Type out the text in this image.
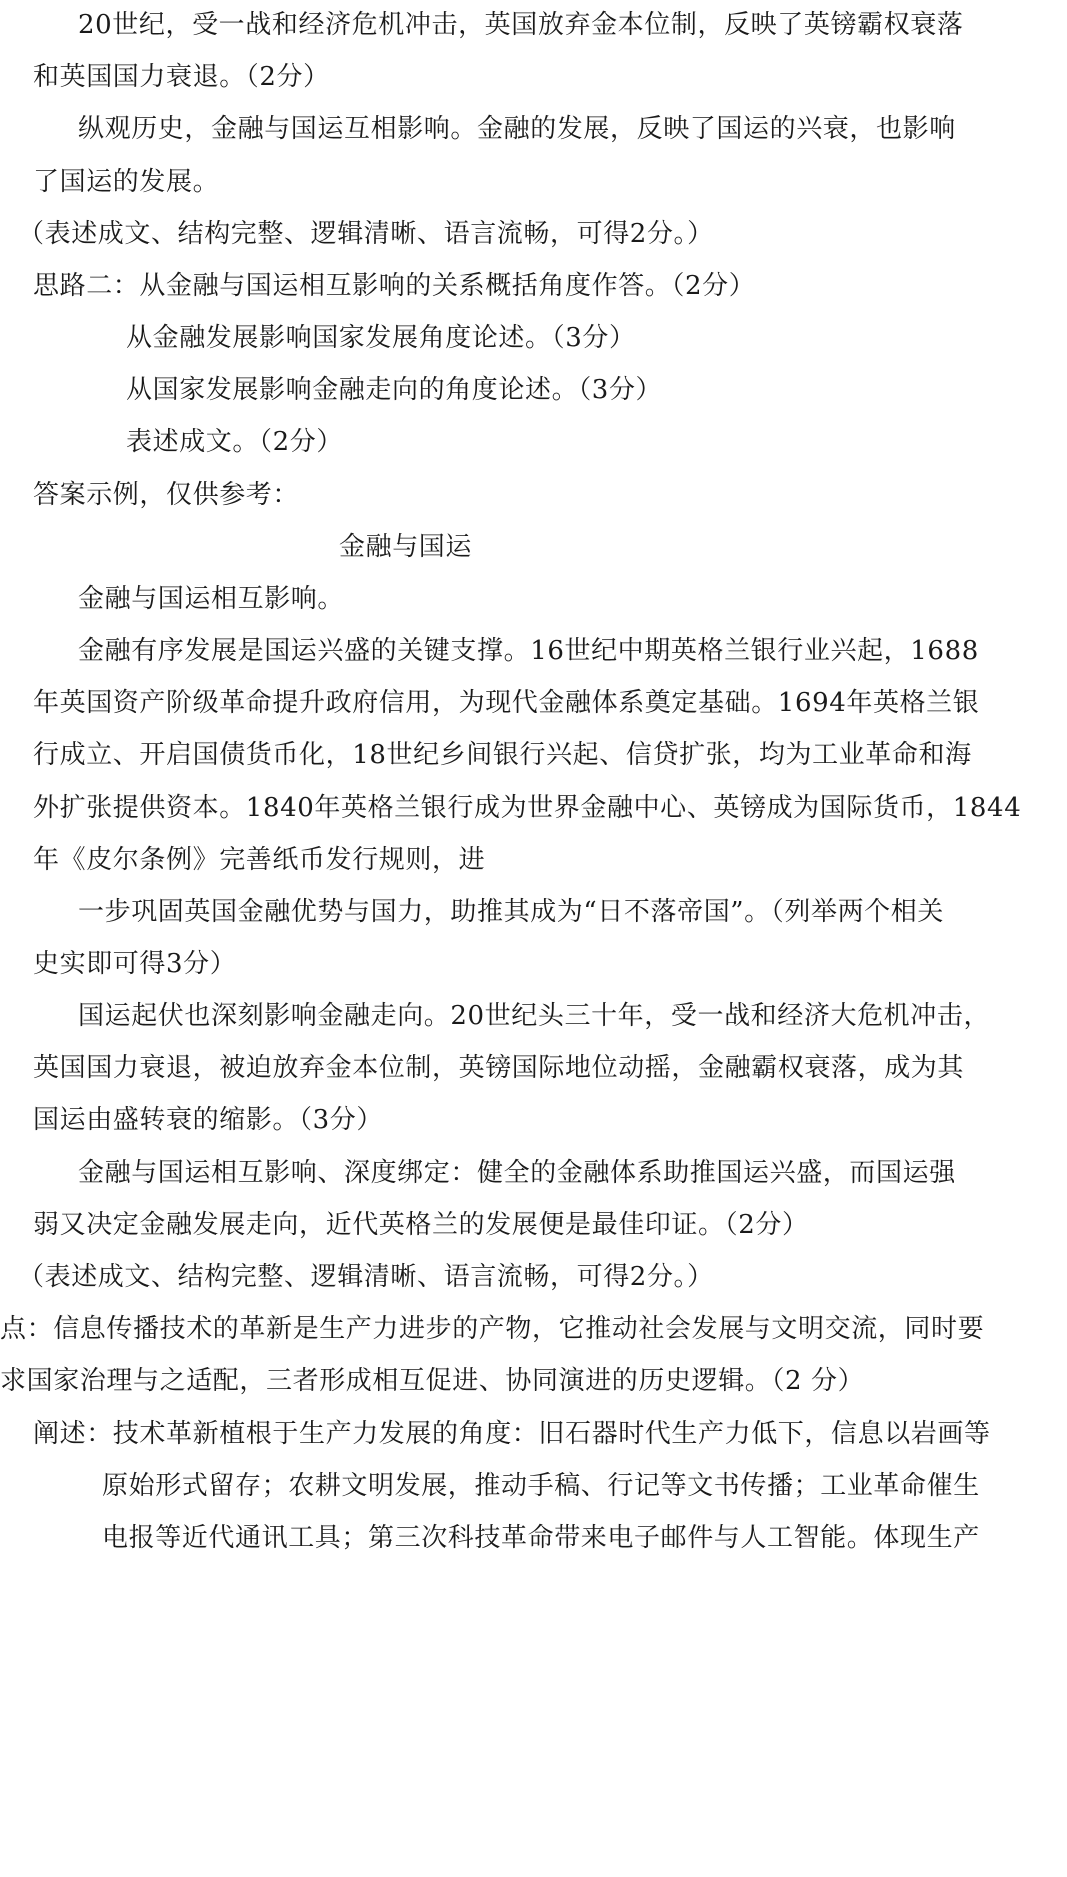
20世纪，受一战和经济危机冲击，英国放弃金本位制，反映了英镑霸权衰落
和英国国力衰退。（2分）
纵观历史，金融与国运互相影响。金融的发展，反映了国运的兴衰，也影响
了国运的发展。
（表述成文、结构完整、逻辑清晰、语言流畅，可得2分。）
思路二：从金融与国运相互影响的关系概括角度作答。（2分）
从金融发展影响国家发展角度论述。（3分）
从国家发展影响金融走向的角度论述。（3分）
表述成文。（2分）
答案示例，仅供参考：
金融与国运
金融与国运相互影响。
金融有序发展是国运兴盛的关键支撑。16世纪中期英格兰银行业兴起，1688
年英国资产阶级革命提升政府信用，为现代金融体系奠定基础。1694年英格兰银
行成立、开启国债货币化，18世纪乡间银行兴起、信贷扩张，均为工业革命和海
外扩张提供资本。1840年英格兰银行成为世界金融中心、英镑成为国际货币，1844
年《皮尔条例》完善纸币发行规则，进
一步巩固英国金融优势与国力，助推其成为“日不落帝国”。（列举两个相关
史实即可得3分）
国运起伏也深刻影响金融走向。20世纪头三十年，受一战和经济大危机冲击，
英国国力衰退，被迫放弃金本位制，英镑国际地位动摇，金融霸权衰落，成为其
国运由盛转衰的缩影。（3分）
金融与国运相互影响、深度绑定：健全的金融体系助推国运兴盛，而国运强
弱又决定金融发展走向，近代英格兰的发展便是最佳印证。（2分）
（表述成文、结构完整、逻辑清晰、语言流畅，可得2分。）
点：信息传播技术的革新是生产力进步的产物，它推动社会发展与文明交流，同时要
求国家治理与之适配，三者形成相互促进、协同演进的历史逻辑。（2 分）
阐述：技术革新植根于生产力发展的角度：旧石器时代生产力低下，信息以岩画等
原始形式留存；农耕文明发展，推动手稿、行记等文书传播；工业革命催生
电报等近代通讯工具；第三次科技革命带来电子邮件与人工智能。体现生产
